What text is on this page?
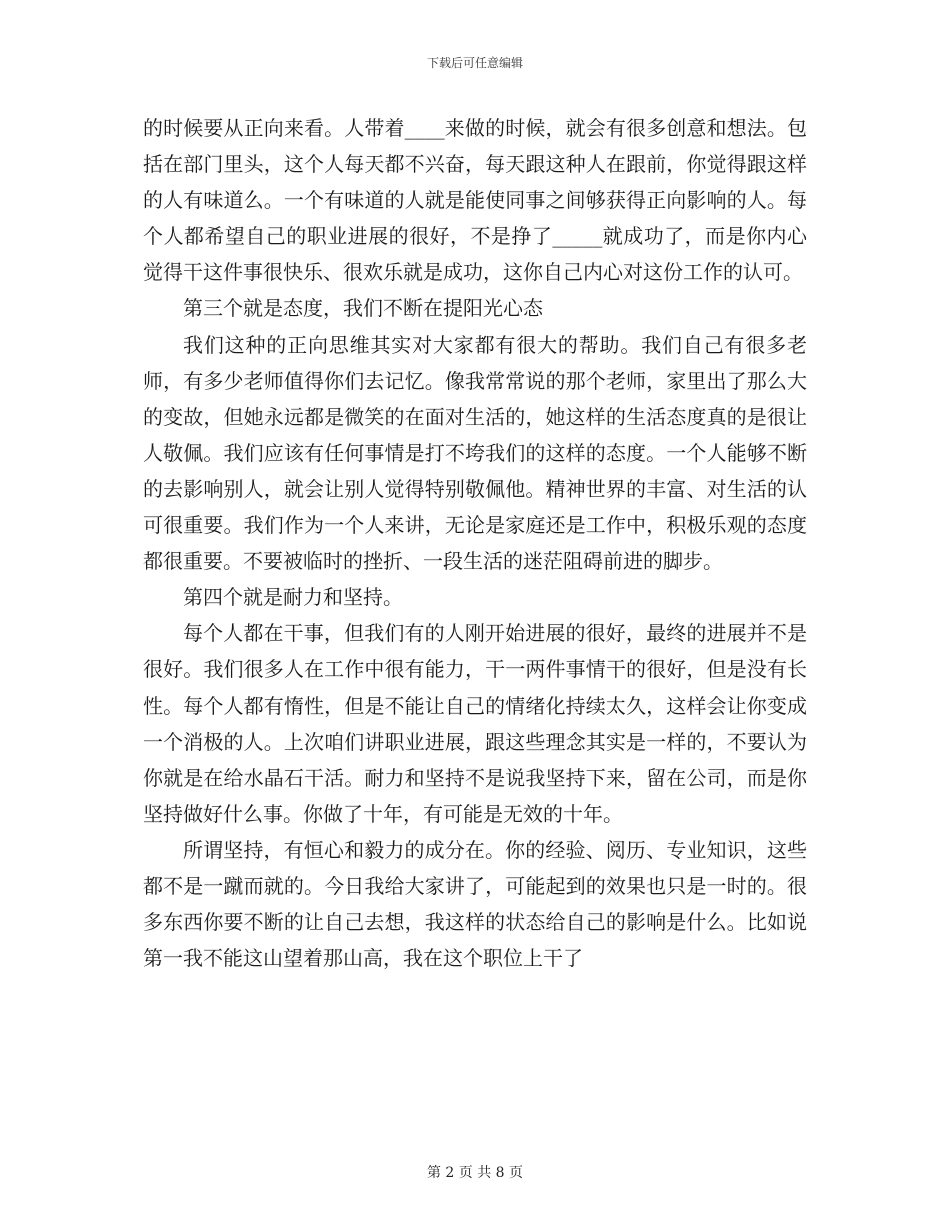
下载后可任意编辑

的时候要从正向来看。人带着____来做的时候，就会有很多创意和想法。包括在部门里头，这个人每天都不兴奋，每天跟这种人在跟前，你觉得跟这样的人有味道么。一个有味道的人就是能使同事之间够获得正向影响的人。每个人都希望自己的职业进展的很好，不是挣了_____就成功了，而是你内心觉得干这件事很快乐、很欢乐就是成功，这你自己内心对这份工作的认可。

第三个就是态度，我们不断在提阳光心态

我们这种的正向思维其实对大家都有很大的帮助。我们自己有很多老师，有多少老师值得你们去记忆。像我常常说的那个老师，家里出了那么大的变故，但她永远都是微笑的在面对生活的，她这样的生活态度真的是很让人敬佩。我们应该有任何事情是打不垮我们的这样的态度。一个人能够不断的去影响别人，就会让别人觉得特别敬佩他。精神世界的丰富、对生活的认可很重要。我们作为一个人来讲，无论是家庭还是工作中，积极乐观的态度都很重要。不要被临时的挫折、一段生活的迷茫阻碍前进的脚步。

第四个就是耐力和坚持。

每个人都在干事，但我们有的人刚开始进展的很好，最终的进展并不是很好。我们很多人在工作中很有能力，干一两件事情干的很好，但是没有长性。每个人都有惰性，但是不能让自己的情绪化持续太久，这样会让你变成一个消极的人。上次咱们讲职业进展，跟这些理念其实是一样的，不要认为你就是在给水晶石干活。耐力和坚持不是说我坚持下来，留在公司，而是你坚持做好什么事。你做了十年，有可能是无效的十年。

所谓坚持，有恒心和毅力的成分在。你的经验、阅历、专业知识，这些都不是一蹴而就的。今日我给大家讲了，可能起到的效果也只是一时的。很多东西你要不断的让自己去想，我这样的状态给自己的影响是什么。比如说第一我不能这山望着那山高，我在这个职位上干了

第 2 页 共 8 页
